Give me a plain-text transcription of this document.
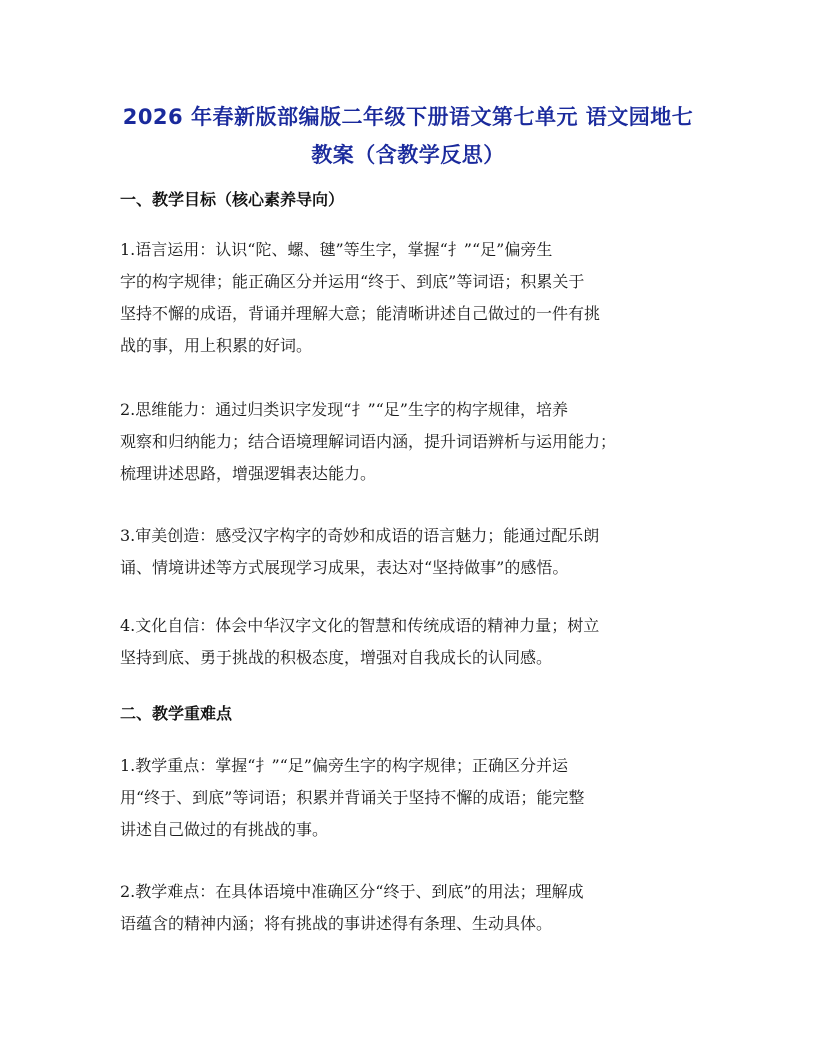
2026 年春新版部编版二年级下册语文第七单元 语文园地七
教案（含教学反思）
一、教学目标（核心素养导向）
1.语言运用：认识“陀、螺、毽”等生字，掌握“扌”“足”偏旁生
字的构字规律；能正确区分并运用“终于、到底”等词语；积累关于
坚持不懈的成语，背诵并理解大意；能清晰讲述自己做过的一件有挑
战的事，用上积累的好词。
2.思维能力：通过归类识字发现“扌”“足”生字的构字规律，培养
观察和归纳能力；结合语境理解词语内涵，提升词语辨析与运用能力；
梳理讲述思路，增强逻辑表达能力。
3.审美创造：感受汉字构字的奇妙和成语的语言魅力；能通过配乐朗
诵、情境讲述等方式展现学习成果，表达对“坚持做事”的感悟。
4.文化自信：体会中华汉字文化的智慧和传统成语的精神力量；树立
坚持到底、勇于挑战的积极态度，增强对自我成长的认同感。
二、教学重难点
1.教学重点：掌握“扌”“足”偏旁生字的构字规律；正确区分并运
用“终于、到底”等词语；积累并背诵关于坚持不懈的成语；能完整
讲述自己做过的有挑战的事。
2.教学难点：在具体语境中准确区分“终于、到底”的用法；理解成
语蕴含的精神内涵；将有挑战的事讲述得有条理、生动具体。
